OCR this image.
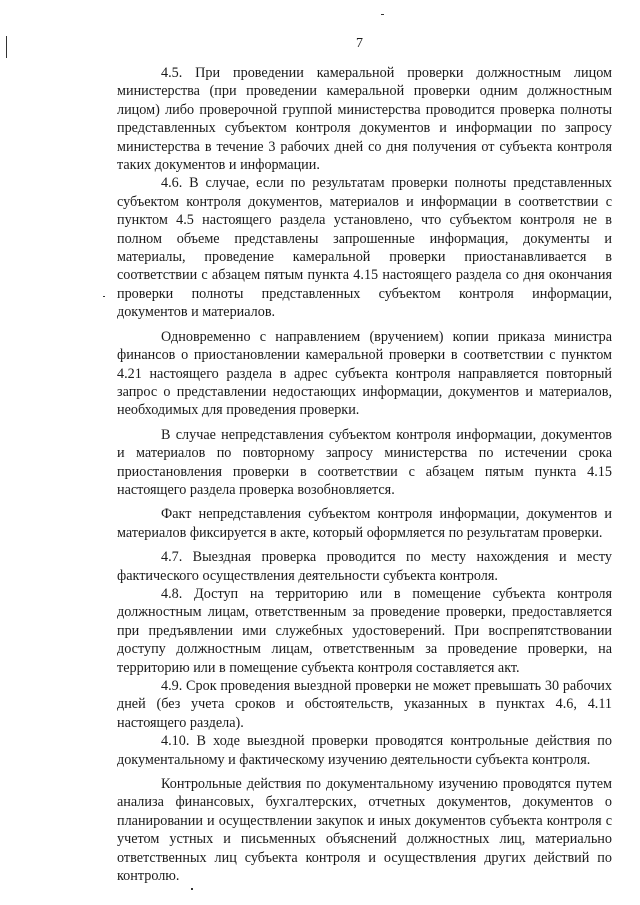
7

4.5. При проведении камеральной проверки должностным лицом министерства (при проведении камеральной проверки одним должностным лицом) либо проверочной группой министерства проводится проверка полноты представленных субъектом контроля документов и информации по запросу министерства в течение 3 рабочих дней со дня получения от субъекта контроля таких документов и информации.

4.6. В случае, если по результатам проверки полноты представленных субъектом контроля документов, материалов и информации в соответствии с пунктом 4.5 настоящего раздела установлено, что субъектом контроля не в полном объеме представлены запрошенные информация, документы и материалы, проведение камеральной проверки приостанавливается в соответствии с абзацем пятым пункта 4.15 настоящего раздела со дня окончания проверки полноты представленных субъектом контроля информации, документов и материалов.

Одновременно с направлением (вручением) копии приказа министра финансов о приостановлении камеральной проверки в соответствии с пунктом 4.21 настоящего раздела в адрес субъекта контроля направляется повторный запрос о представлении недостающих информации, документов и материалов, необходимых для проведения проверки.

В случае непредставления субъектом контроля информации, документов и материалов по повторному запросу министерства по истечении срока приостановления проверки в соответствии с абзацем пятым пункта 4.15 настоящего раздела проверка возобновляется.

Факт непредставления субъектом контроля информации, документов и материалов фиксируется в акте, который оформляется по результатам проверки.

4.7. Выездная проверка проводится по месту нахождения и месту фактического осуществления деятельности субъекта контроля.

4.8. Доступ на территорию или в помещение субъекта контроля должностным лицам, ответственным за проведение проверки, предоставляется при предъявлении ими служебных удостоверений. При воспрепятствовании доступу должностным лицам, ответственным за проведение проверки, на территорию или в помещение субъекта контроля составляется акт.

4.9. Срок проведения выездной проверки не может превышать 30 рабочих дней (без учета сроков и обстоятельств, указанных в пунктах 4.6, 4.11 настоящего раздела).

4.10. В ходе выездной проверки проводятся контрольные действия по документальному и фактическому изучению деятельности субъекта контроля.

Контрольные действия по документальному изучению проводятся путем анализа финансовых, бухгалтерских, отчетных документов, документов о планировании и осуществлении закупок и иных документов субъекта контроля с учетом устных и письменных объяснений должностных лиц, материально ответственных лиц субъекта контроля и осуществления других действий по контролю.
